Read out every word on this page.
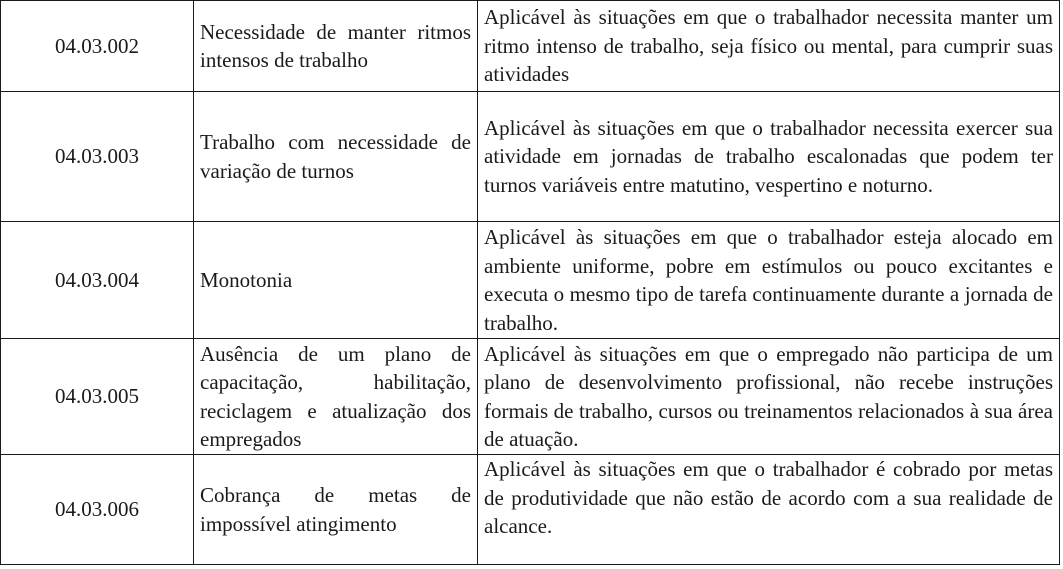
04.03.002	Necessidade de manter ritmos intensos de trabalho	Aplicável às situações em que o trabalhador necessita manter um ritmo intenso de trabalho, seja físico ou mental, para cumprir suas atividades
04.03.003	Trabalho com necessidade de variação de turnos	Aplicável às situações em que o trabalhador necessita exercer sua atividade em jornadas de trabalho escalonadas que podem ter turnos variáveis entre matutino, vespertino e noturno.
04.03.004	Monotonia	Aplicável às situações em que o trabalhador esteja alocado em ambiente uniforme, pobre em estímulos ou pouco excitantes e executa o mesmo tipo de tarefa continuamente durante a jornada de trabalho.
04.03.005	Ausência de um plano de capacitação, habilitação, reciclagem e atualização dos empregados	Aplicável às situações em que o empregado não participa de um plano de desenvolvimento profissional, não recebe instruções formais de trabalho, cursos ou treinamentos relacionados à sua área de atuação.
04.03.006	Cobrança de metas de impossível atingimento	Aplicável às situações em que o trabalhador é cobrado por metas de produtividade que não estão de acordo com a sua realidade de alcance.
